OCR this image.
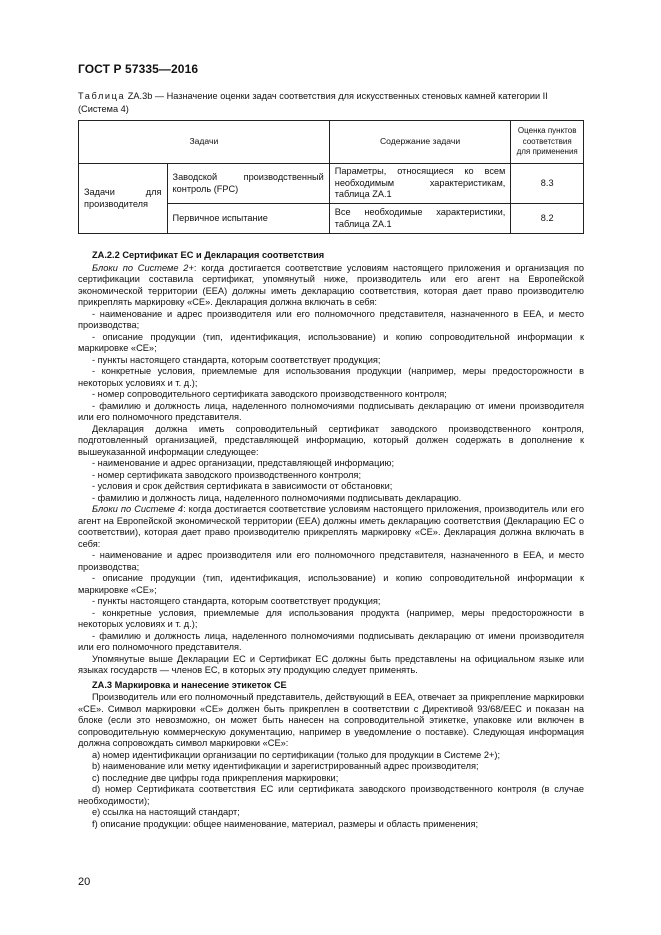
ГОСТ Р 57335—2016

Таблица ZA.3b — Назначение оценки задач соответствия для искусственных стеновых камней категории II (Система 4)

Задачи		Содержание задачи	Оценка пунктов соответствия для применения
Задачи для производителя	Заводской производственный контроль (FPC)	Параметры, относящиеся ко всем необходимым характеристикам, таблица ZA.1	8.3
	Первичное испытание	Все необходимые характеристики, таблица ZA.1	8.2

ZA.2.2 Сертификат ЕС и Декларация соответствия

Блоки по Системе 2+: когда достигается соответствие условиям настоящего приложения и организация по сертификации составила сертификат, упомянутый ниже, производитель или его агент на Европейской экономической территории (ЕЕА) должны иметь декларацию соответствия, которая дает право производителю прикреплять маркировку «CE». Декларация должна включать в себя:

- наименование и адрес производителя или его полномочного представителя, назначенного в ЕЕА, и место производства;

- описание продукции (тип, идентификация, использование) и копию сопроводительной информации к маркировке «CE»;

- пункты настоящего стандарта, которым соответствует продукция;

- конкретные условия, приемлемые для использования продукции (например, меры предосторожности в некоторых условиях и т. д.);

- номер сопроводительного сертификата заводского производственного контроля;

- фамилию и должность лица, наделенного полномочиями подписывать декларацию от имени производителя или его полномочного представителя.

Декларация должна иметь сопроводительный сертификат заводского производственного контроля, подготовленный организацией, представляющей информацию, который должен содержать в дополнение к вышеуказанной информации следующее:

- наименование и адрес организации, представляющей информацию;

- номер сертификата заводского производственного контроля;

- условия и срок действия сертификата в зависимости от обстановки;

- фамилию и должность лица, наделенного полномочиями подписывать декларацию.

Блоки по Системе 4: когда достигается соответствие условиям настоящего приложения, производитель или его агент на Европейской экономической территории (ЕЕА) должны иметь декларацию соответствия (Декларацию ЕС о соответствии), которая дает право производителю прикреплять маркировку «CE». Декларация должна включать в себя:

- наименование и адрес производителя или его полномочного представителя, назначенного в ЕЕА, и место производства;

- описание продукции (тип, идентификация, использование) и копию сопроводительной информации к маркировке «CE»;

- пункты настоящего стандарта, которым соответствует продукция;

- конкретные условия, приемлемые для использования продукта (например, меры предосторожности в некоторых условиях и т. д.);

- фамилию и должность лица, наделенного полномочиями подписывать декларацию от имени производителя или его полномочного представителя.

Упомянутые выше Декларации ЕС и Сертификат ЕС должны быть представлены на официальном языке или языках государств — членов ЕС, в которых эту продукцию следует применять.

ZA.3 Маркировка и нанесение этикеток CE

Производитель или его полномочный представитель, действующий в ЕЕА, отвечает за прикрепление маркировки «CE». Символ маркировки «CE» должен быть прикреплен в соответствии с Директивой 93/68/ЕЕС и показан на блоке (если это невозможно, он может быть нанесен на сопроводительной этикетке, упаковке или включен в сопроводительную коммерческую документацию, например в уведомление о поставке). Следующая информация должна сопровождать символ маркировки «CE»:

а) номер идентификации организации по сертификации (только для продукции в Системе 2+);

b) наименование или метку идентификации и зарегистрированный адрес производителя;

c) последние две цифры года прикрепления маркировки;

d) номер Сертификата соответствия ЕС или сертификата заводского производственного контроля (в случае необходимости);

e) ссылка на настоящий стандарт;

f) описание продукции: общее наименование, материал, размеры и область применения;

20
